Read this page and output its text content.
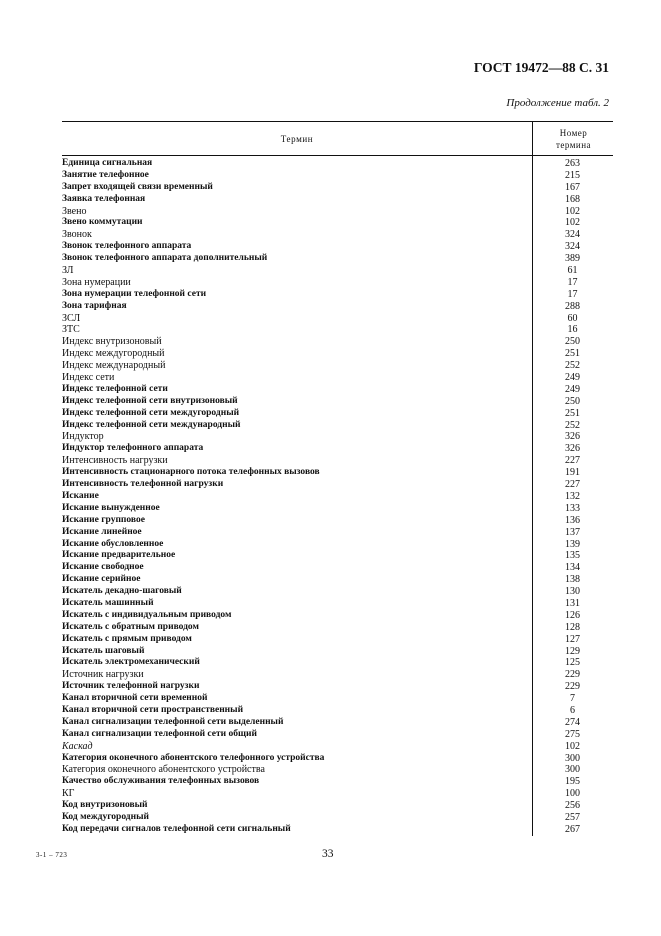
ГОСТ 19472—88 С. 31
Продолжение табл. 2
Термин
Номер
термина
Единица сигнальная	263
Занятие телефонное	215
Запрет входящей связи временный	167
Заявка телефонная	168
Звено	102
Звено коммутации	102
Звонок	324
Звонок телефонного аппарата	324
Звонок телефонного аппарата дополнительный	389
ЗЛ	61
Зона нумерации	17
Зона нумерации телефонной сети	17
Зона тарифная	288
ЗСЛ	60
ЗТС	16
Индекс внутризоновый	250
Индекс междугородный	251
Индекс международный	252
Индекс сети	249
Индекс телефонной сети	249
Индекс телефонной сети внутризоновый	250
Индекс телефонной сети междугородный	251
Индекс телефонной сети международный	252
Индуктор	326
Индуктор телефонного аппарата	326
Интенсивность нагрузки	227
Интенсивность стационарного потока телефонных вызовов	191
Интенсивность телефонной нагрузки	227
Искание	132
Искание вынужденное	133
Искание групповое	136
Искание линейное	137
Искание обусловленное	139
Искание предварительное	135
Искание свободное	134
Искание серийное	138
Искатель декадно-шаговый	130
Искатель машинный	131
Искатель с индивидуальным приводом	126
Искатель с обратным приводом	128
Искатель с прямым приводом	127
Искатель шаговый	129
Искатель электромеханический	125
Источник нагрузки	229
Источник телефонной нагрузки	229
Канал вторичной сети временной	7
Канал вторичной сети пространственный	6
Канал сигнализации телефонной сети выделенный	274
Канал сигнализации телефонной сети общий	275
Каскад	102
Категория оконечного абонентского телефонного устройства	300
Категория оконечного абонентского устройства	300
Качество обслуживания телефонных вызовов	195
КГ	100
Код внутризоновый	256
Код междугородный	257
Код передачи сигналов телефонной сети сигнальный	267
3-1 – 723	33
